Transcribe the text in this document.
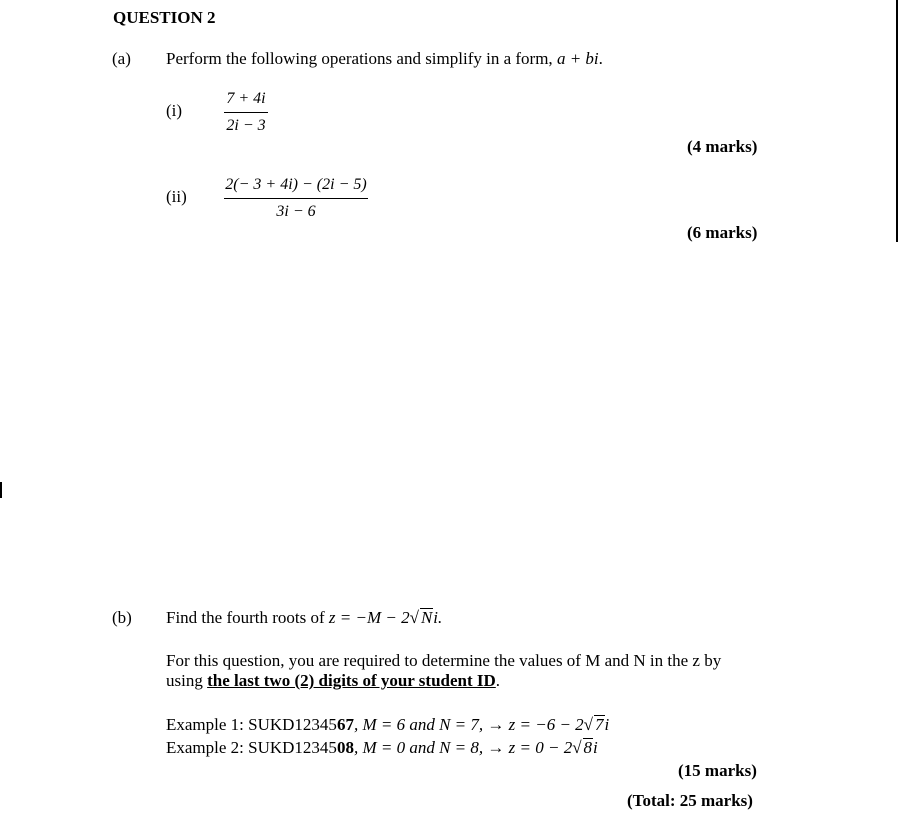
QUESTION 2
(a) Perform the following operations and simplify in a form, a + bi.
(i)
7 + 4i
2i − 3
(4 marks)
(ii)
2(− 3 + 4i) − (2i − 5)
3i − 6
(6 marks)
(b) Find the fourth roots of z = −M − 2√ Ni.
For this question, you are required to determine the values of M and N in the z by
using the last two (2) digits of your student ID.
Example 1: SUKD1234567, M = 6 and N = 7, → z = −6 − 2√ 7i
Example 2: SUKD1234508, M = 0 and N = 8, → z = 0 − 2√ 8i
(15 marks)
(Total: 25 marks)
